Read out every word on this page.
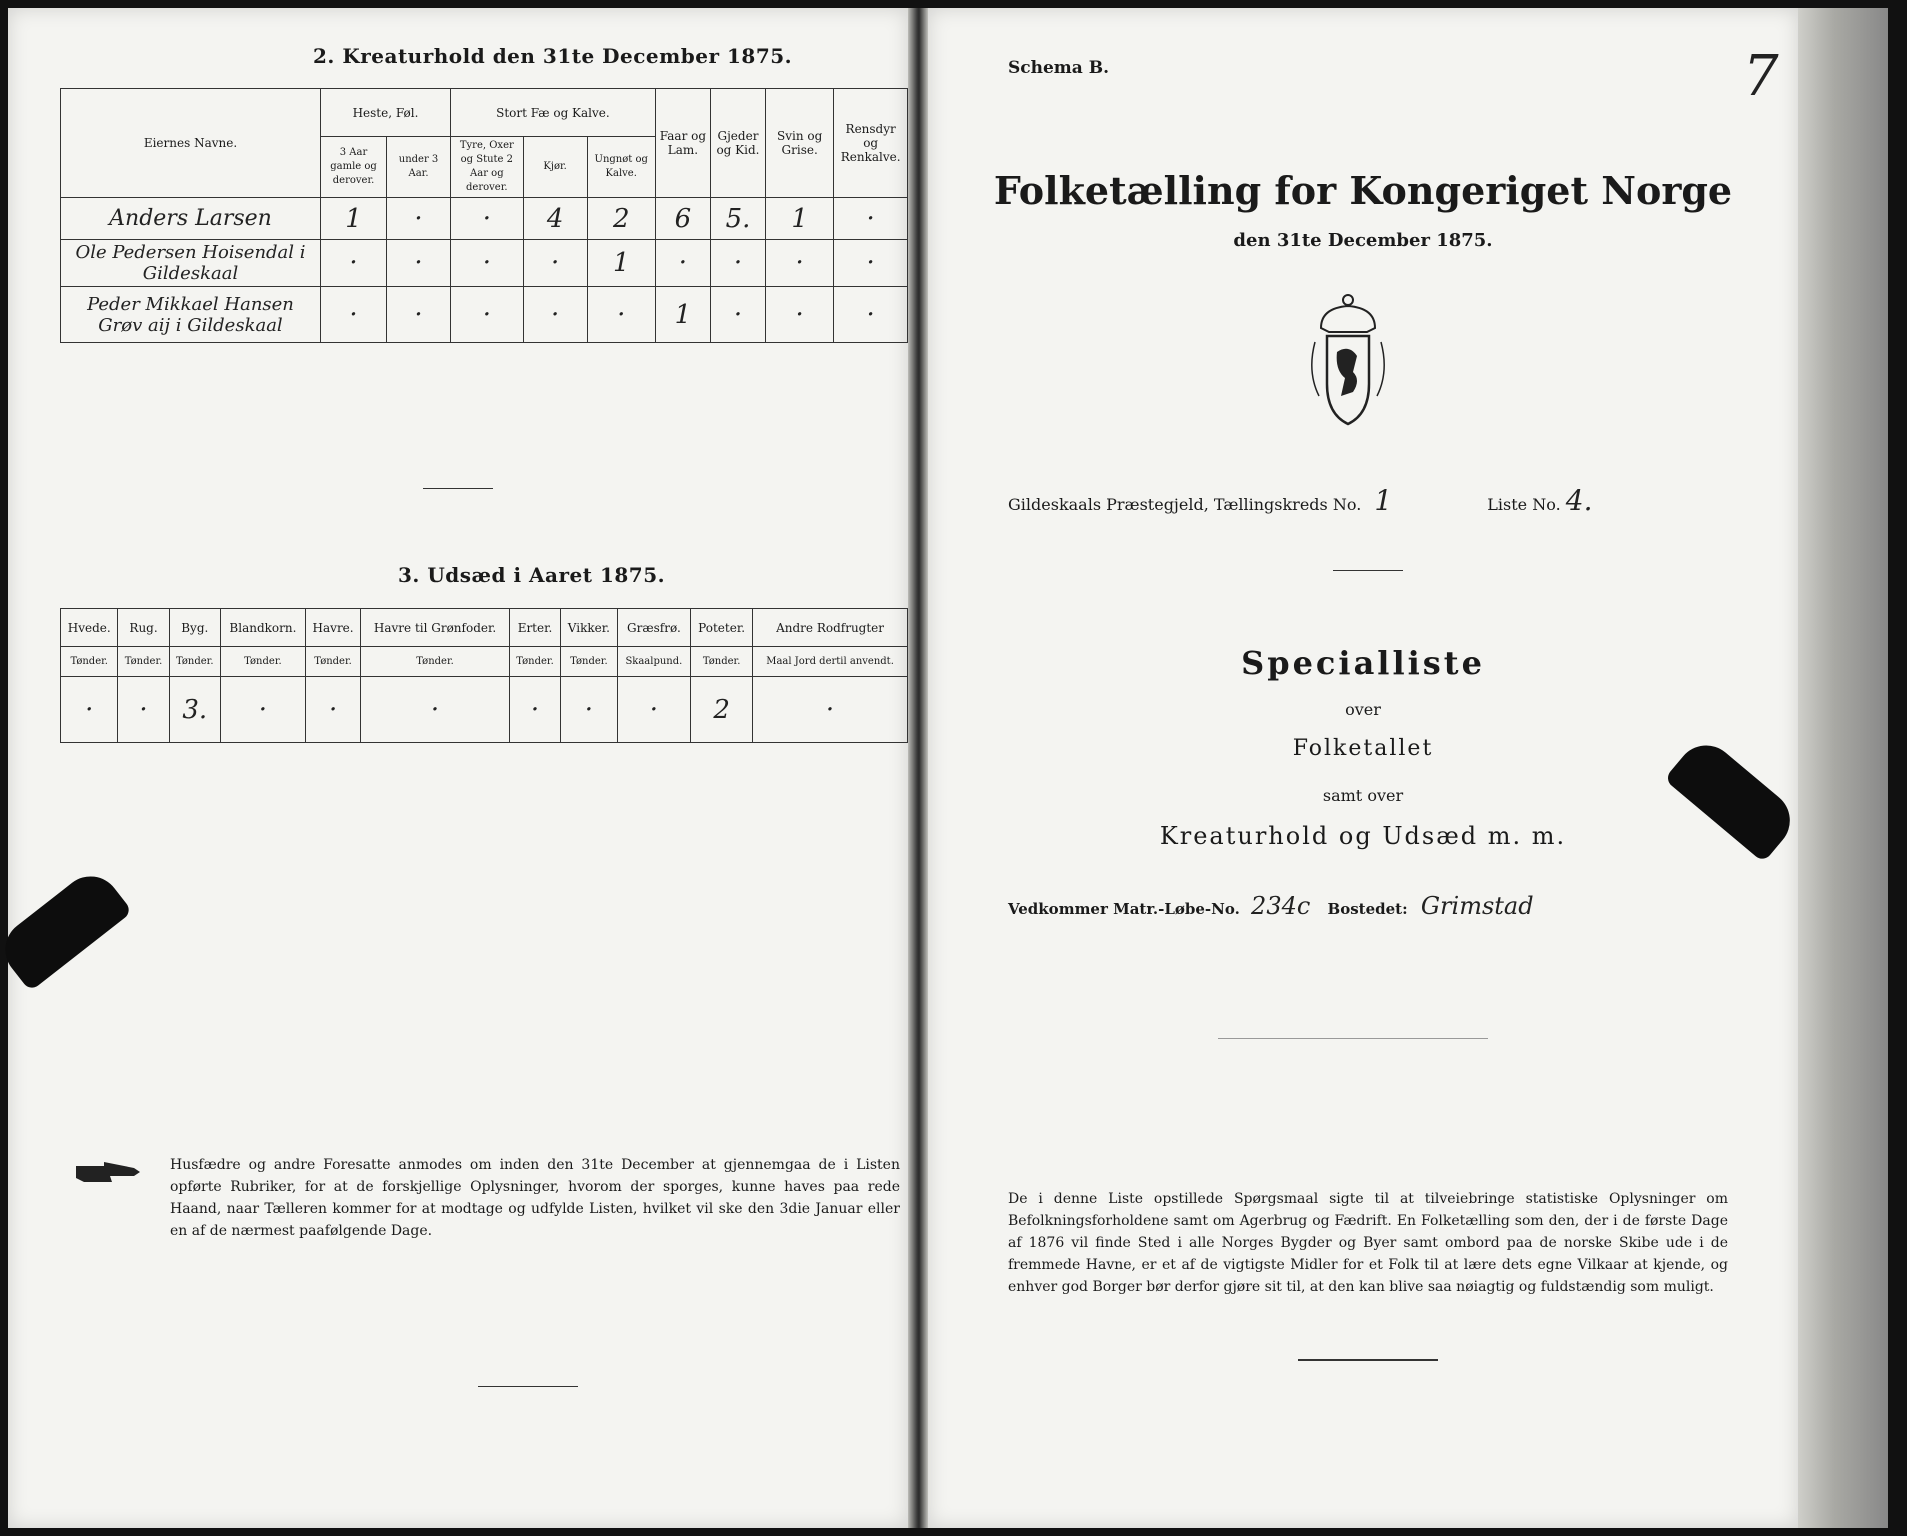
2. Kreaturhold den 31te December 1875.
Eiernes Navne.	Heste, Føl.		Stort Fæ og Kalve.			Faar og Lam.	Gjeder og Kid.	Svin og Grise.	Rensdyr og Renkalve.
	3 Aar gamle og derover.	under 3 Aar.	Tyre, Oxer og Stute 2 Aar og derover.	Kjør.	Ungnøt og Kalve.				
Anders Larsen	1	·	·	4	2	6	5.	1	·
Ole Pedersen Hoisendal i Gildeskaal	·	·	·	·	1	·	·	·	·
Peder Mikkael Hansen Grøv aij i Gildeskaal	·	·	·	·	·	1	·	·	·
3. Udsæd i Aaret 1875.
Hvede.	Rug.	Byg.	Blandkorn.	Havre.	Havre til Grønfoder.	Erter.	Vikker.	Græsfrø.	Poteter.	Andre Rodfrugter
Tønder.	Tønder.	Tønder.	Tønder.	Tønder.	Tønder.	Tønder.	Tønder.	Skaalpund.	Tønder.	Maal Jord dertil anvendt.
·	·	3.	·	·	·	·	·	·	2	·
Husfædre og andre Foresatte anmodes om inden den 31te December at gjennemgaa de i Listen opførte Rubriker, for at de forskjellige Oplysninger, hvorom der sporges, kunne haves paa rede Haand, naar Tælleren kommer for at modtage og udfylde Listen, hvilket vil ske den 3die Januar eller en af de nærmest paafølgende Dage.
Schema B.	7
Folketælling for Kongeriget Norge
den 31te December 1875.
Gildeskaals Præstegjeld, Tællingskreds No. 1	Liste No. 4.
Specialliste
over
Folketallet
samt over
Kreaturhold og Udsæd m. m.
Vedkommer Matr.-Løbe-No. 234c Bostedet: Grimstad
De i denne Liste opstillede Spørgsmaal sigte til at tilveiebringe statistiske Oplysninger om Befolkningsforholdene samt om Agerbrug og Fædrift. En Folketælling som den, der i de første Dage af 1876 vil finde Sted i alle Norges Bygder og Byer samt ombord paa de norske Skibe ude i de fremmede Havne, er et af de vigtigste Midler for et Folk til at lære dets egne Vilkaar at kjende, og enhver god Borger bør derfor gjøre sit til, at den kan blive saa nøiagtig og fuldstændig som muligt.
